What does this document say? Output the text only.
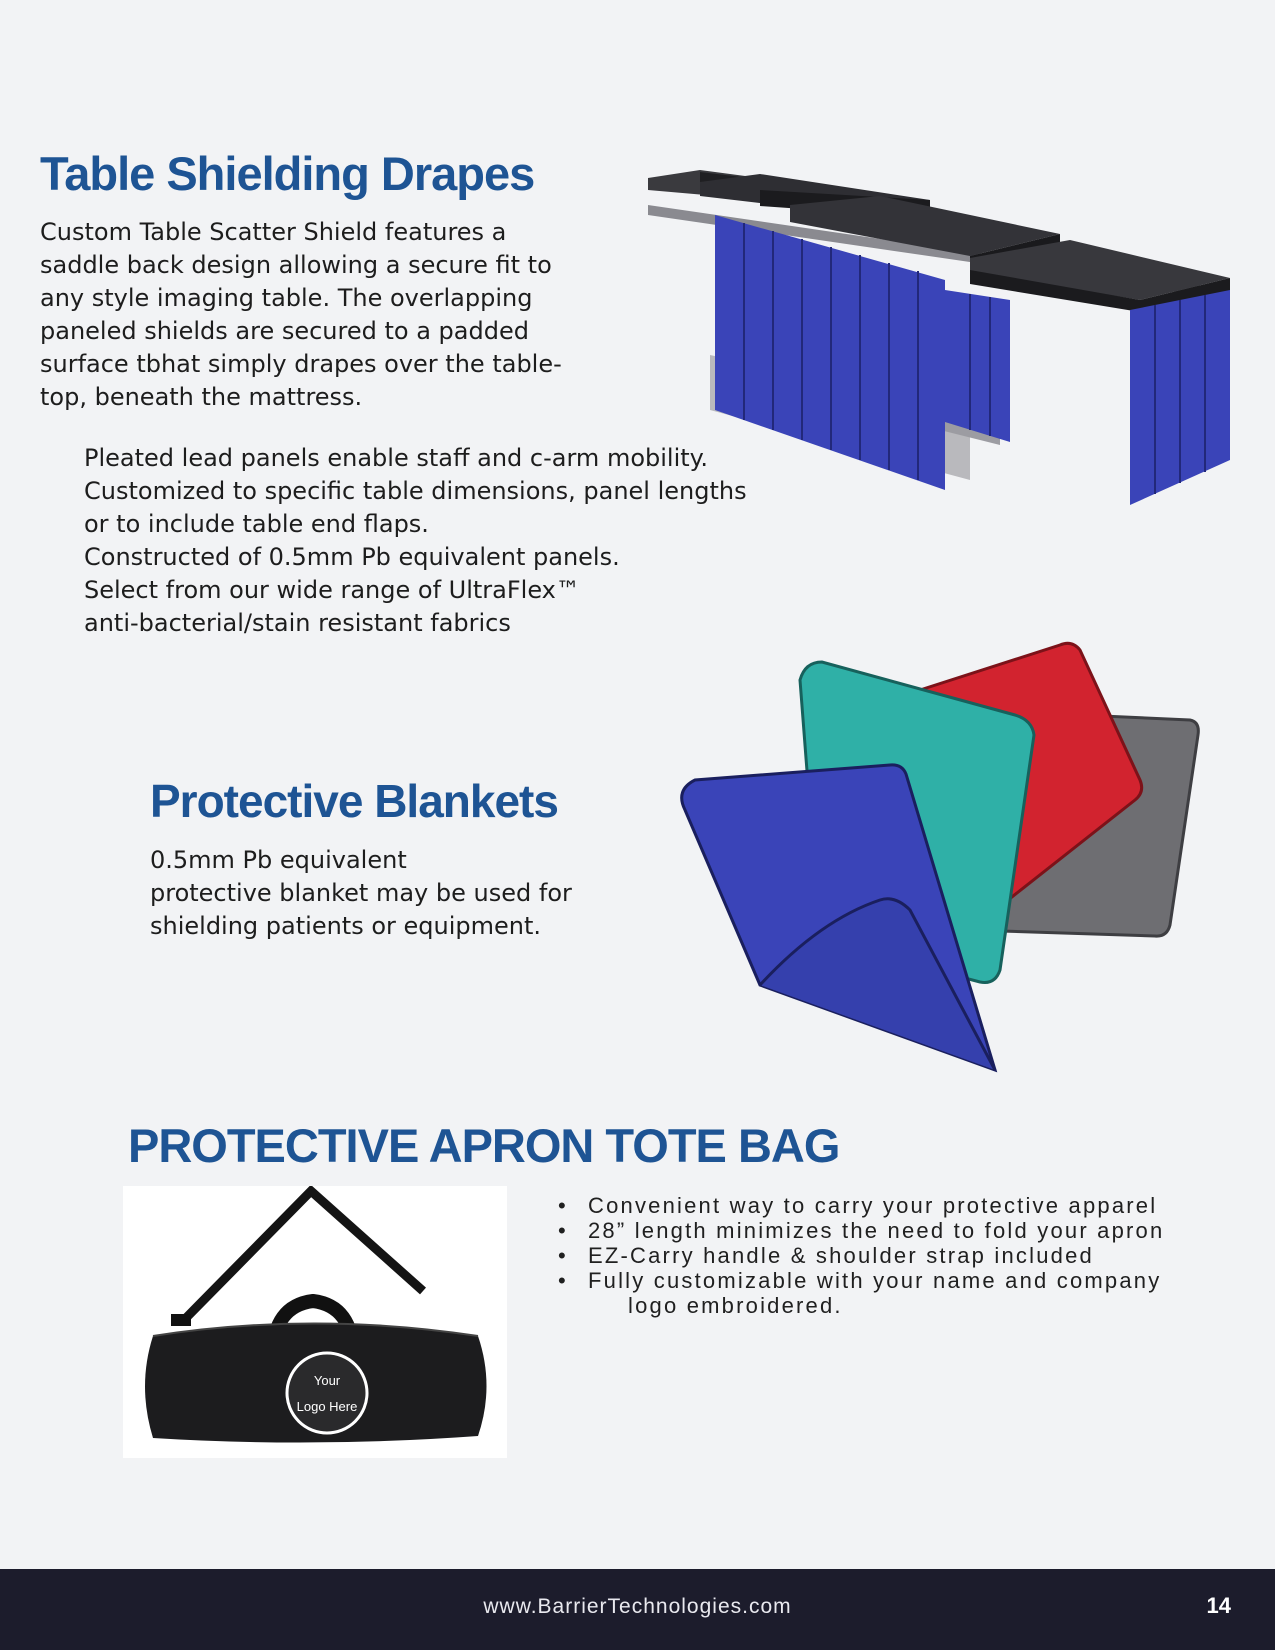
Table Shielding Drapes
Custom Table Scatter Shield features a
saddle back design allowing a secure fit to
any style imaging table. The overlapping
paneled shields are secured to a padded
surface tbhat simply drapes over the table-
top, beneath the mattress.
Pleated lead panels enable staff and c-arm mobility.
Customized to specific table dimensions, panel lengths
or to include table end flaps.
Constructed of 0.5mm Pb equivalent panels.
Select from our wide range of UltraFlex™
anti-bacterial/stain resistant fabrics
Protective Blankets
0.5mm Pb equivalent
protective blanket may be used for
shielding patients or equipment.
PROTECTIVE APRON TOTE BAG
Your
Logo Here
• Convenient way to carry your protective apparel
• 28” length minimizes the need to fold your apron
• EZ-Carry handle & shoulder strap included
• Fully customizable with your name and company
logo embroidered.
www.BarrierTechnologies.com	14
